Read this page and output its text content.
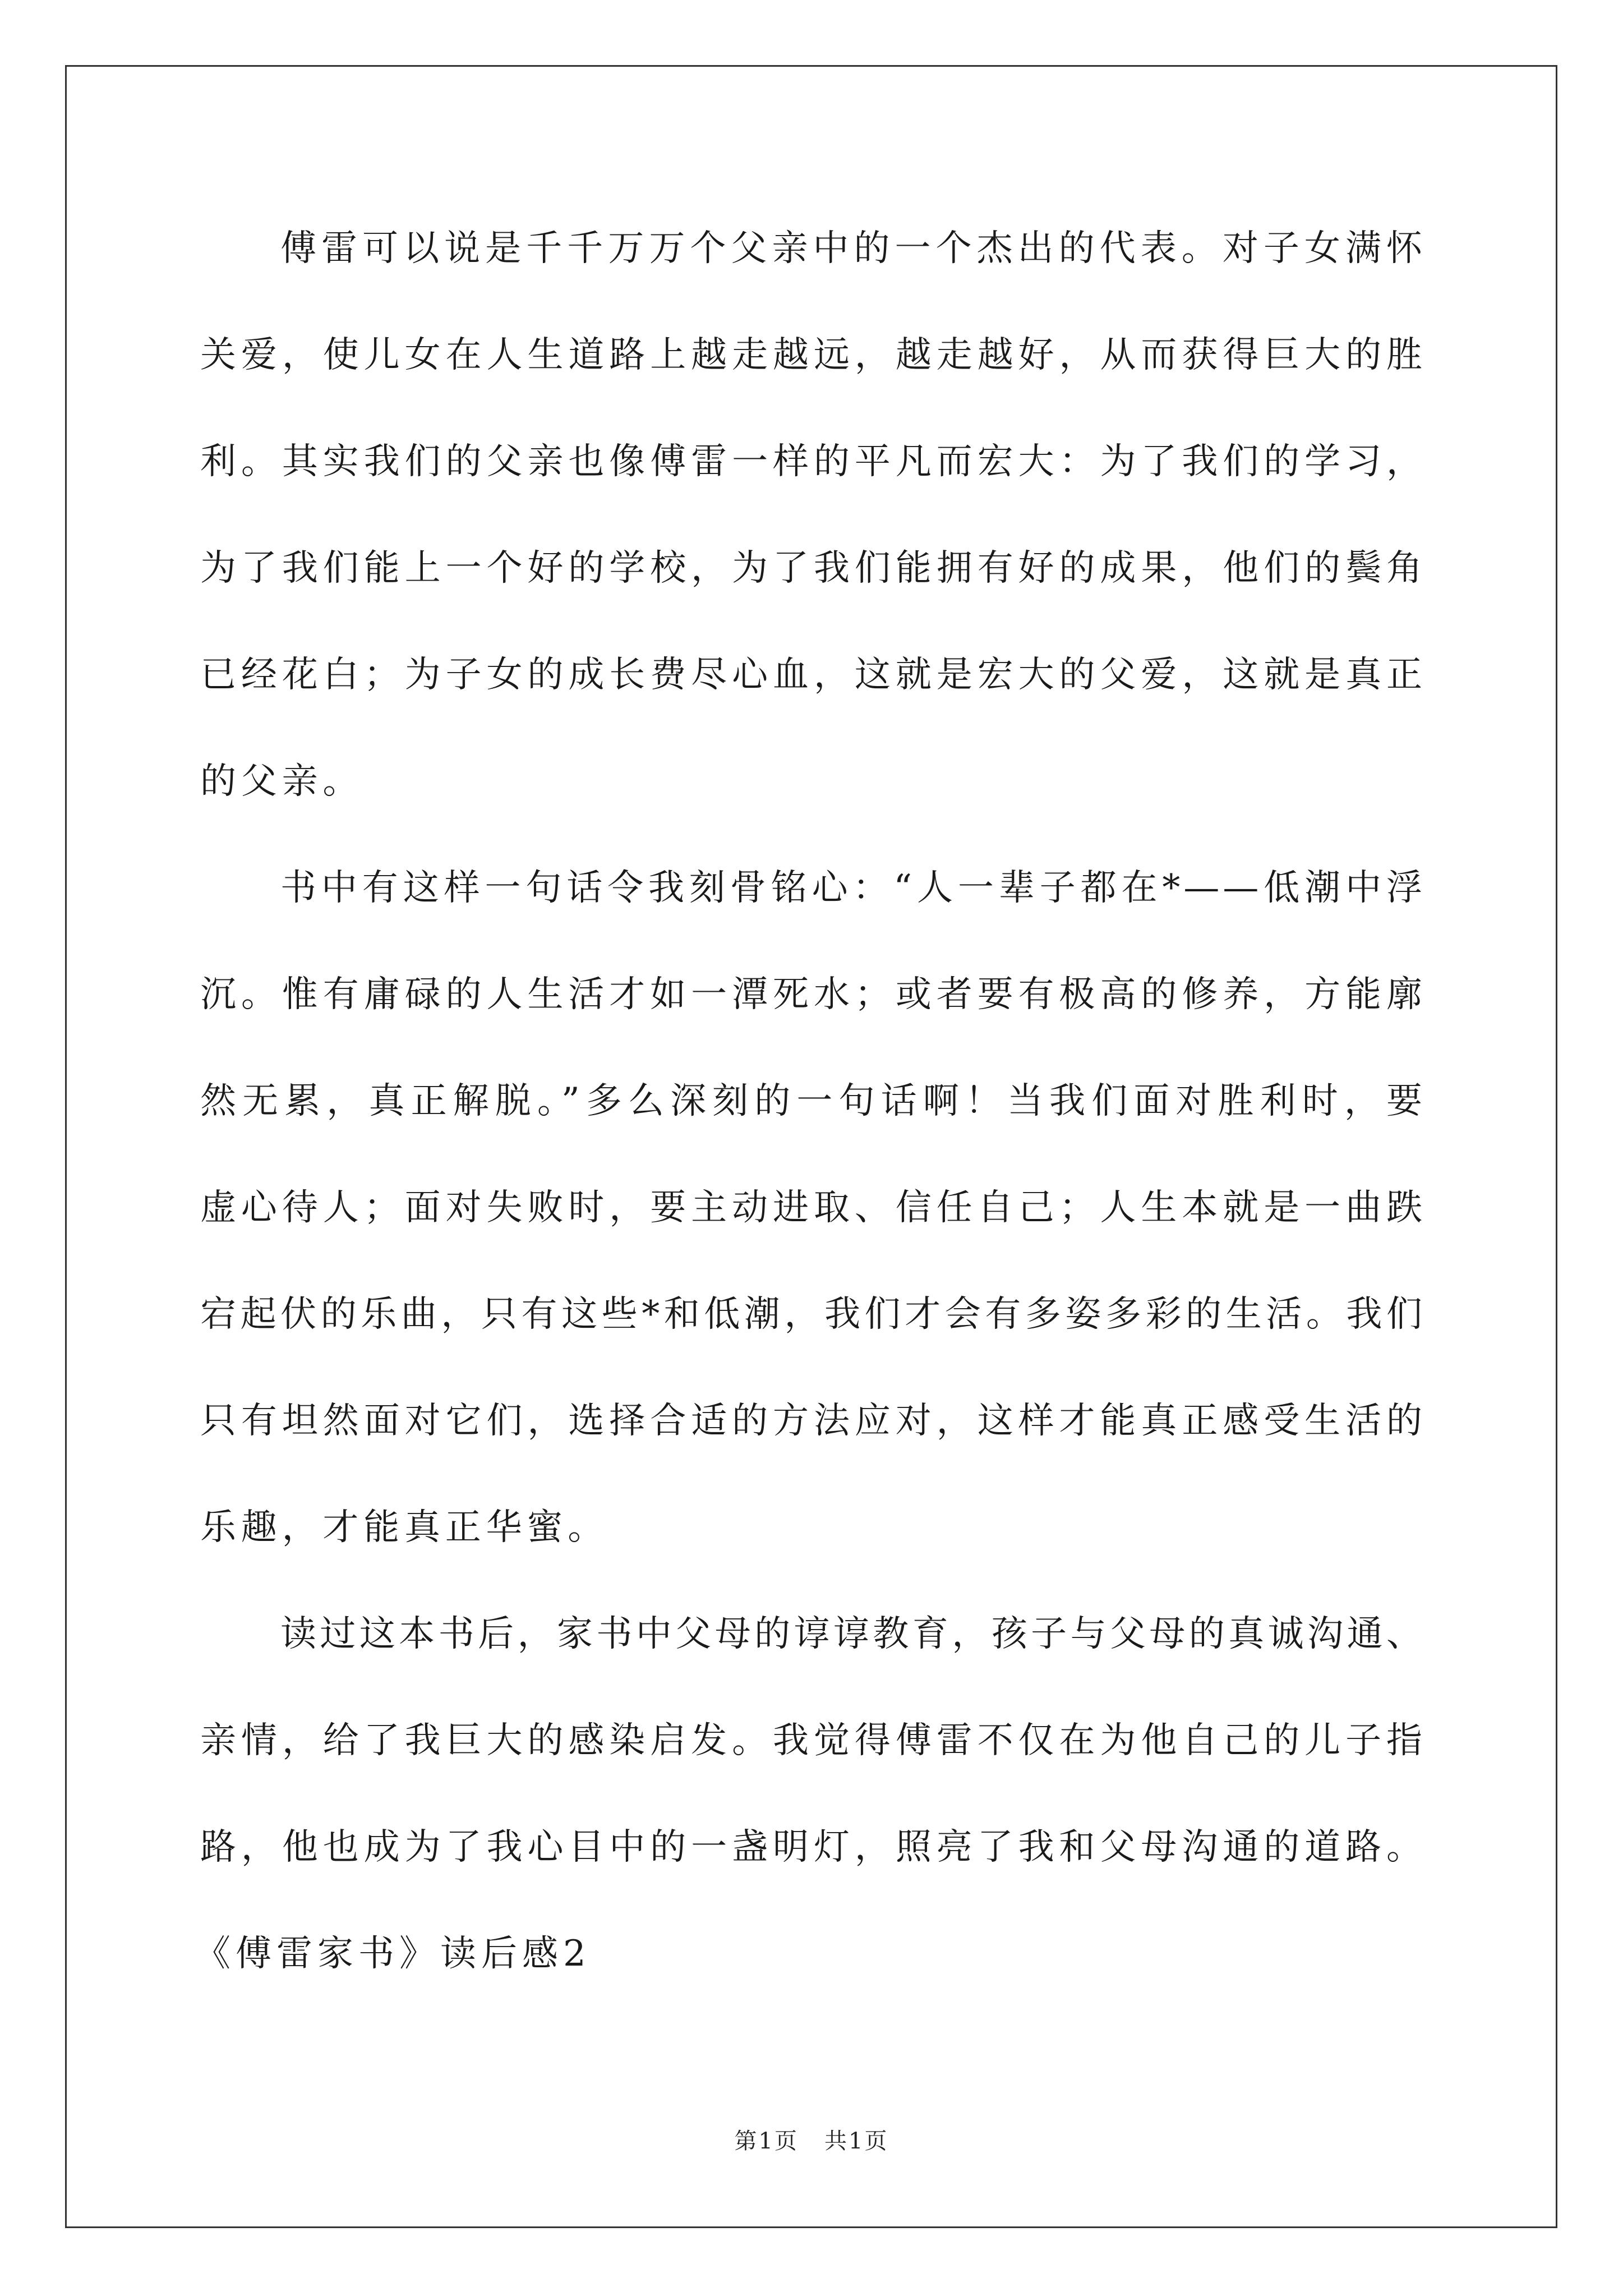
傅雷可以说是千千万万个父亲中的一个杰出的代表。对子女满怀
关爱，使儿女在人生道路上越走越远，越走越好，从而获得巨大的胜
利。其实我们的父亲也像傅雷一样的平凡而宏大：为了我们的学习，
为了我们能上一个好的学校，为了我们能拥有好的成果，他们的鬓角
已经花白；为子女的成长费尽心血，这就是宏大的父爱，这就是真正
的父亲。
书中有这样一句话令我刻骨铭心：“人一辈子都在*——低潮中浮
沉。惟有庸碌的人生活才如一潭死水；或者要有极高的修养，方能廓
然无累，真正解脱。”多么深刻的一句话啊！当我们面对胜利时，要
虚心待人；面对失败时，要主动进取、信任自己；人生本就是一曲跌
宕起伏的乐曲，只有这些*和低潮，我们才会有多姿多彩的生活。我们
只有坦然面对它们，选择合适的方法应对，这样才能真正感受生活的
乐趣，才能真正华蜜。
读过这本书后，家书中父母的谆谆教育，孩子与父母的真诚沟通、
亲情，给了我巨大的感染启发。我觉得傅雷不仅在为他自己的儿子指
路，他也成为了我心目中的一盏明灯，照亮了我和父母沟通的道路。
《傅雷家书》读后感2
第1页 共1页
